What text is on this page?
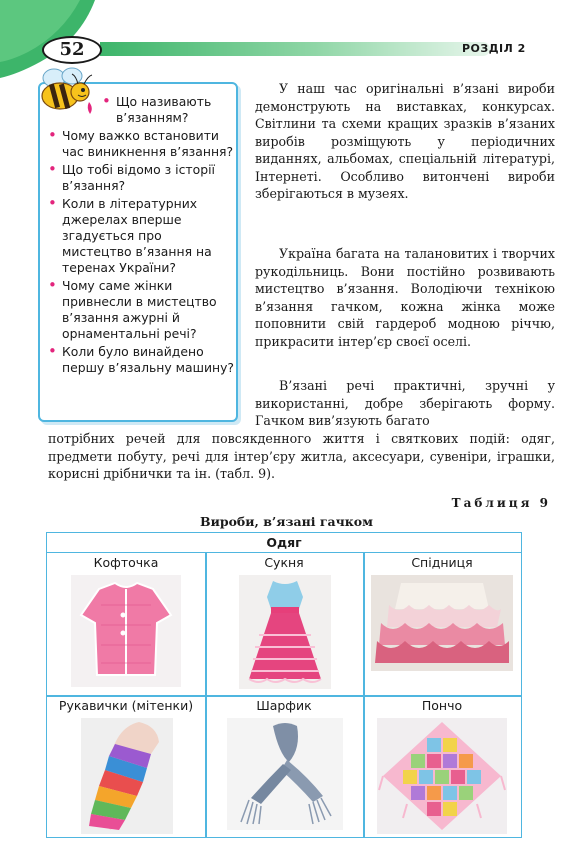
52	РОЗДІЛ 2
• Що називають в’язанням?
• Чому важко встановити час виникнення в’язання?
• Що тобі відомо з історії в’язання?
• Коли в літературних джерелах вперше згадується про мистецтво в’язання на теренах України?
• Чому саме жінки привнесли в мистецтво в’язання ажурні й орнаментальні речі?
• Коли було винайдено першу в’язальну машину?

У наш час оригінальні в’язані вироби демонструють на виставках, конкурсах. Світлини та схеми кращих зразків в’язаних виробів розміщують у періодичних виданнях, альбомах, спеціальній літературі, Інтернеті. Особливо витончені вироби зберігаються в музеях.

Україна багата на талановитих і творчих рукодільниць. Вони постійно розвивають мистецтво в’язання. Володіючи технікою в’язання гачком, кожна жінка може поповнити свій гардероб модною річчю, прикрасити інтер’єр своєї оселі.

В’язані речі практичні, зручні у використанні, добре зберігають форму. Гачком вив’язують багато

потрібних речей для повсякденного життя і святкових подій: одяг, предмети побуту, речі для інтер’єру житла, аксесуари, сувеніри, іграшки, корисні дрібнички та ін. (табл. 9).

Таблиця 9
Вироби, в’язані гачком
Одяг
Кофточка	Сукня	Спідниця
Рукавички (мітенки)	Шарфик	Пончо
